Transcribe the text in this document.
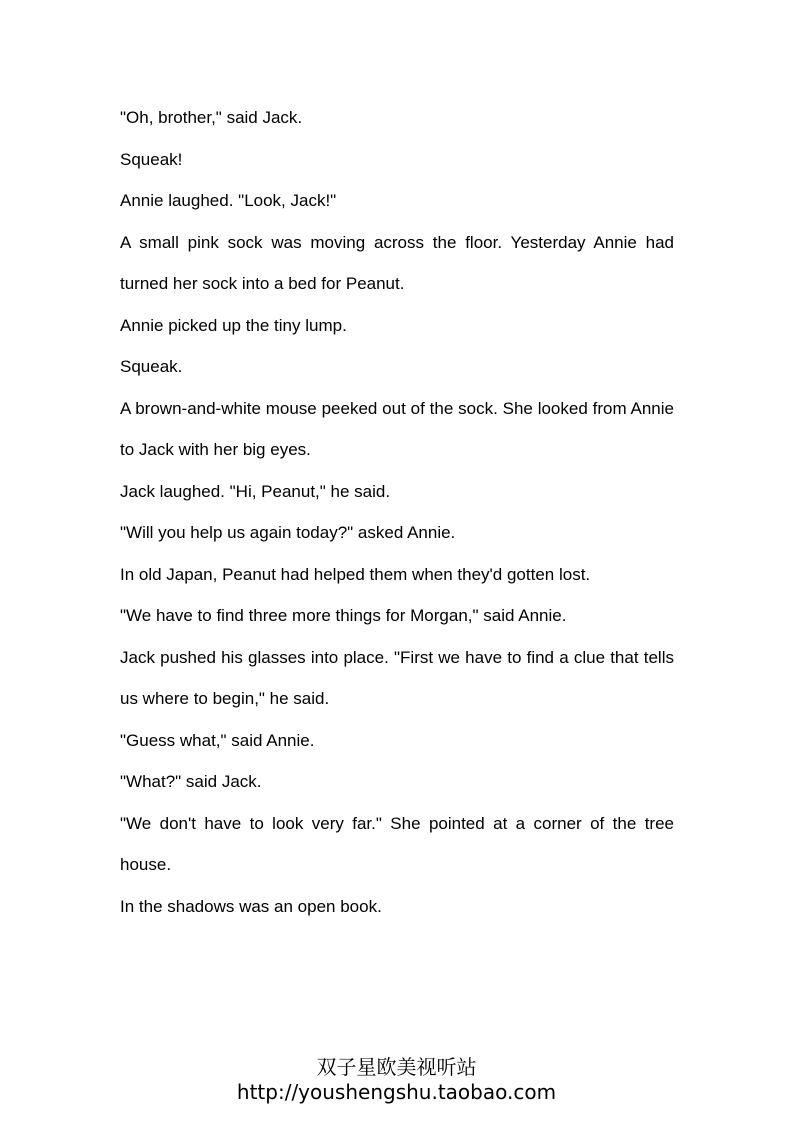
"Oh, brother," said Jack.

Squeak!

Annie laughed. "Look, Jack!"

A small pink sock was moving across the floor. Yesterday Annie had turned her sock into a bed for Peanut.

Annie picked up the tiny lump.

Squeak.

A brown-and-white mouse peeked out of the sock. She looked from Annie to Jack with her big eyes.

Jack laughed. "Hi, Peanut," he said.

"Will you help us again today?" asked Annie.

In old Japan, Peanut had helped them when they'd gotten lost.

"We have to find three more things for Morgan," said Annie.

Jack pushed his glasses into place. "First we have to find a clue that tells us where to begin," he said.

"Guess what," said Annie.

"What?" said Jack.

"We don't have to look very far." She pointed at a corner of the tree house.

In the shadows was an open book.

双子星欧美视听站
http://youshengshu.taobao.com
